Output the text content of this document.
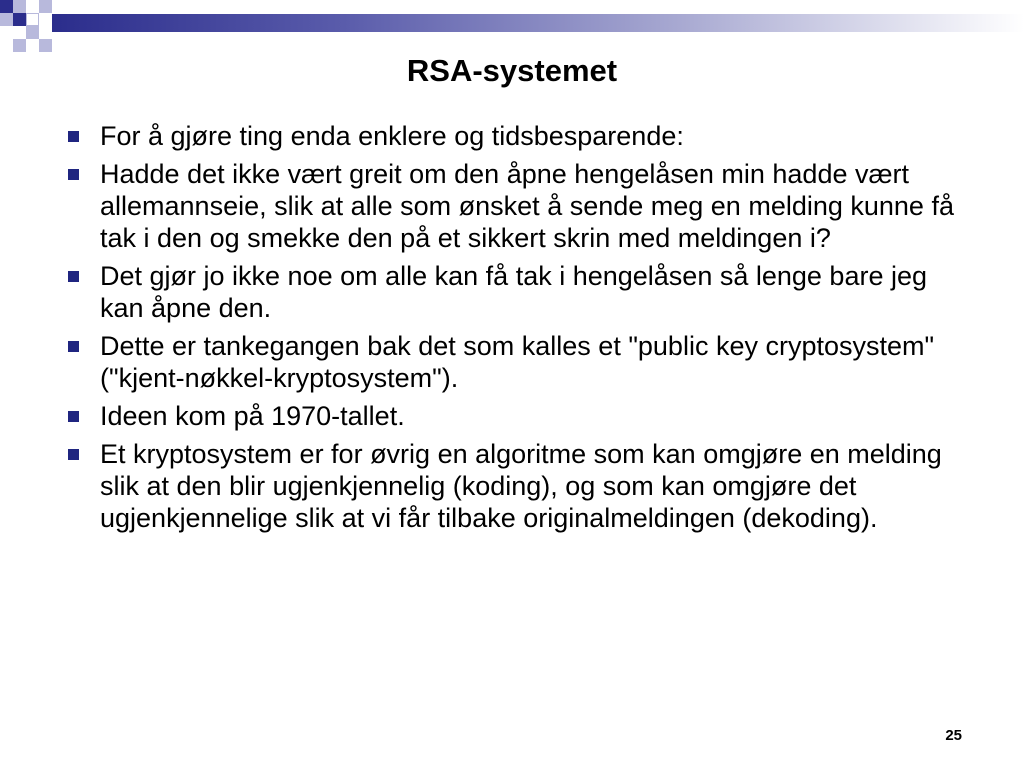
RSA-systemet
For å gjøre ting enda enklere og tidsbesparende:
Hadde det ikke vært greit om den åpne hengelåsen min hadde vært allemannseie, slik at alle som ønsket å sende meg en melding kunne få tak i den og smekke den på et sikkert skrin med meldingen i?
Det gjør jo ikke noe om alle kan få tak i hengelåsen så lenge bare jeg kan åpne den.
Dette er tankegangen bak det som kalles et "public key cryptosystem" ("kjent-nøkkel-kryptosystem").
Ideen kom på 1970-tallet.
Et kryptosystem er for øvrig en algoritme som kan omgjøre en melding slik at den blir ugjenkjennelig (koding), og som kan omgjøre det ugjenkjennelige slik at vi får tilbake originalmeldingen (dekoding).
25
